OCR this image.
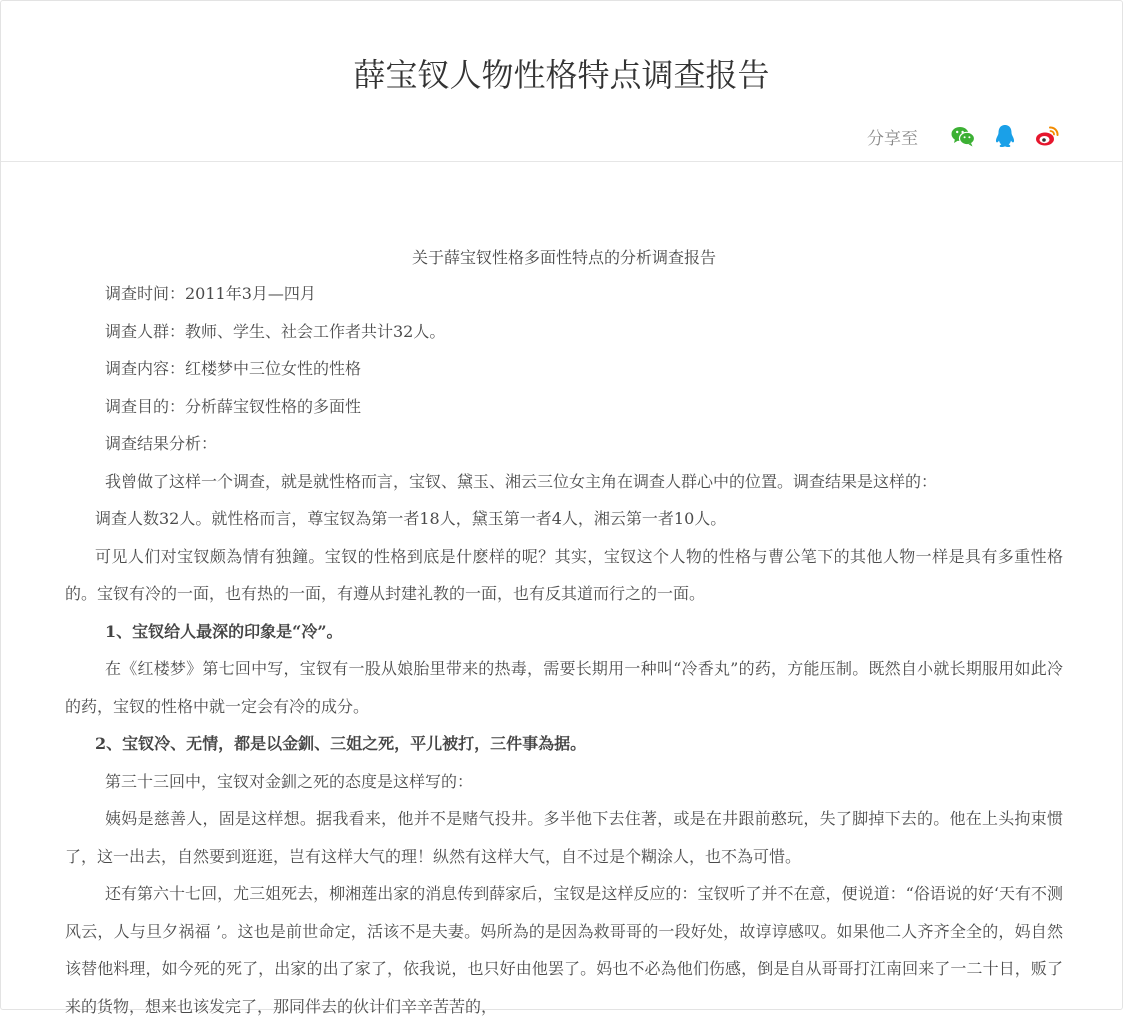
薛宝钗人物性格特点调查报告
分享至

关于薛宝钗性格多面性特点的分析调查报告

调查时间：2011年3月—四月

调查人群：教师、学生、社会工作者共计32人。

调查内容：红楼梦中三位女性的性格

调查目的：分析薛宝钗性格的多面性

调查结果分析：

我曾做了这样一个调查，就是就性格而言，宝钗、黛玉、湘云三位女主角在调查人群心中的位置。调查结果是这样的：

调查人数32人。就性格而言，尊宝钗為第一者18人，黛玉第一者4人，湘云第一者10人。

可见人们对宝钗颇為情有独鐘。宝钗的性格到底是什麽样的呢？其实，宝钗这个人物的性格与曹公笔下的其他人物一样是具有多重性格的。宝钗有冷的一面，也有热的一面，有遵从封建礼教的一面，也有反其道而行之的一面。

1、宝钗给人最深的印象是“冷”。

在《红楼梦》第七回中写，宝钗有一股从娘胎里带来的热毒，需要长期用一种叫“冷香丸”的药，方能压制。既然自小就长期服用如此冷的药，宝钗的性格中就一定会有冷的成分。

2、宝钗冷、无情，都是以金釧、三姐之死，平儿被打，三件事為据。

第三十三回中，宝钗对金釧之死的态度是这样写的：

姨妈是慈善人，固是这样想。据我看来，他并不是赌气投井。多半他下去住著，或是在井跟前憨玩，失了脚掉下去的。他在上头拘束惯了，这一出去，自然要到逛逛，岂有这样大气的理！纵然有这样大气，自不过是个糊涂人，也不為可惜。

还有第六十七回，尤三姐死去，柳湘莲出家的消息传到薛家后，宝钗是这样反应的：宝钗听了并不在意，便说道：“俗语说的好‘天有不测风云，人与旦夕祸福 ’。这也是前世命定，活该不是夫妻。妈所為的是因為救哥哥的一段好处，故谆谆感叹。如果他二人齐齐全全的，妈自然该替他料理，如今死的死了，出家的出了家了，依我说，也只好由他罢了。妈也不必為他们伤感，倒是自从哥哥打江南回来了一二十日，贩了来的货物，想来也该发完了，那同伴去的伙计们辛辛苦苦的，
